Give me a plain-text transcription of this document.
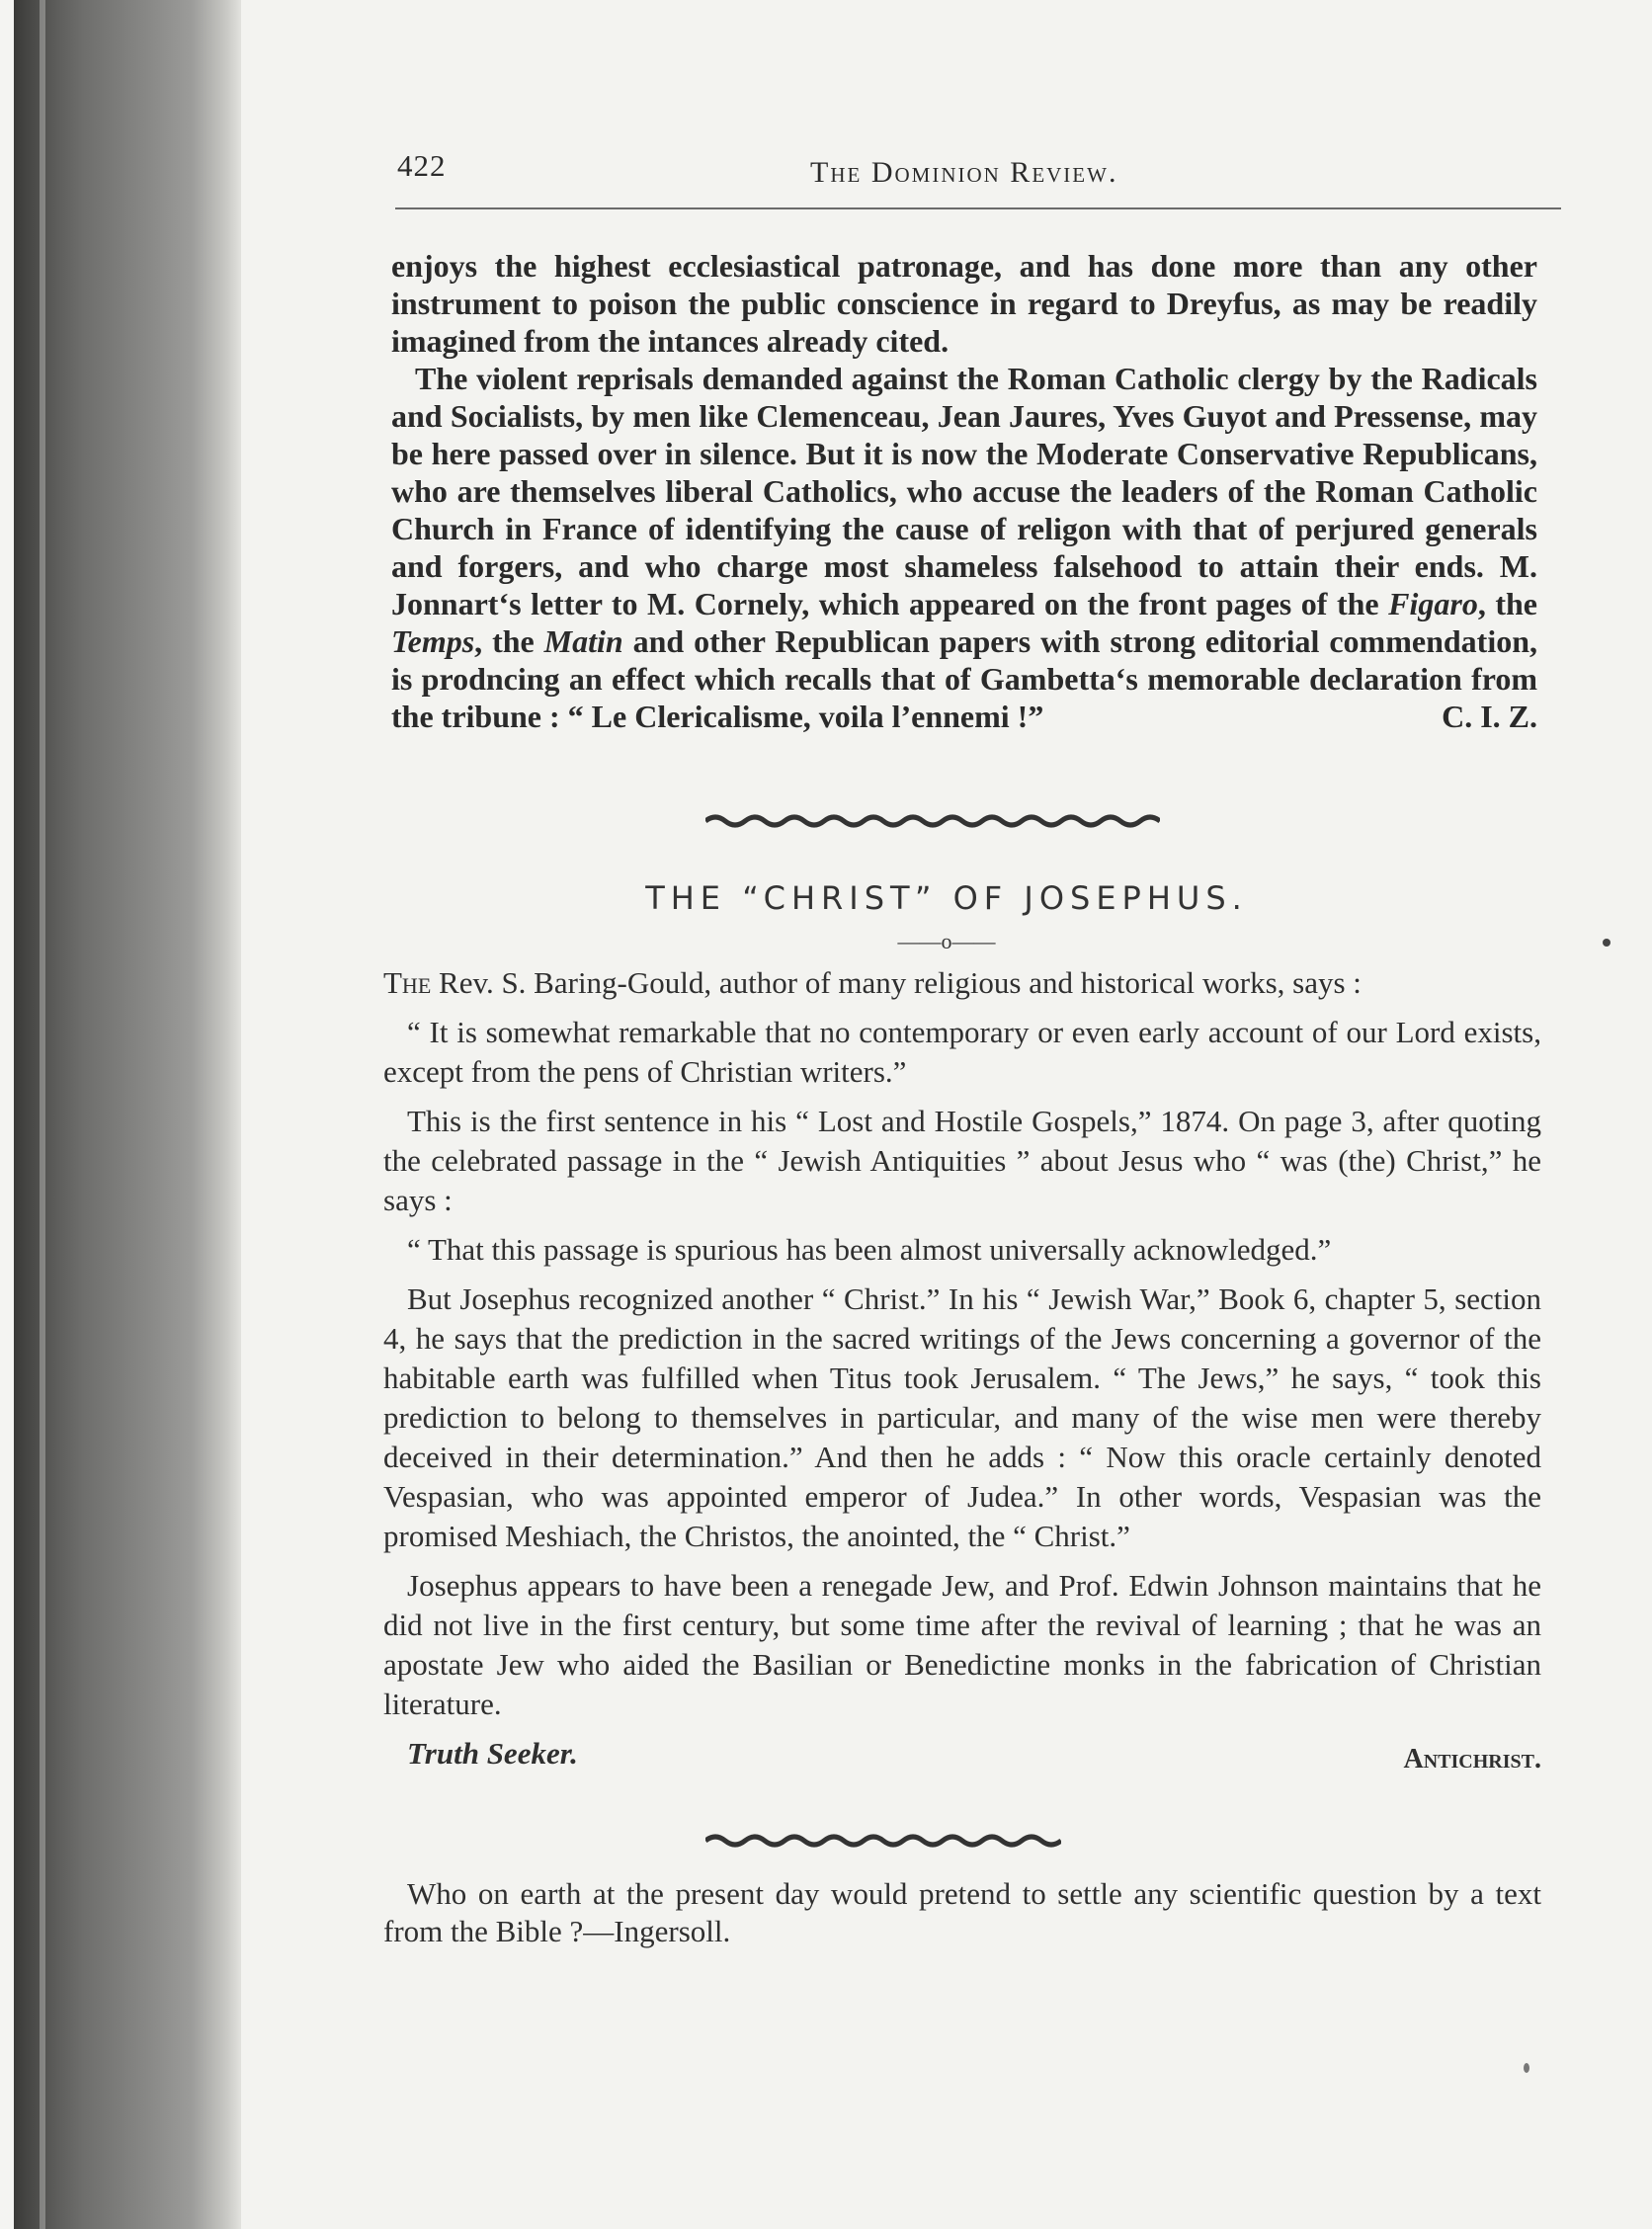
422	The Dominion Review.

enjoys the highest ecclesiastical patronage, and has done more than any other instrument to poison the public conscience in regard to Dreyfus, as may be readily imagined from the intances already cited.

The violent reprisals demanded against the Roman Catholic clergy by the Radicals and Socialists, by men like Clemenceau, Jean Jaures, Yves Guyot and Pressense, may be here passed over in silence. But it is now the Moderate Conservative Republicans, who are themselves liberal Catholics, who accuse the leaders of the Roman Catholic Church in France of identifying the cause of religon with that of perjured generals and forgers, and who charge most shameless falsehood to attain their ends. M. Jonnart‘s letter to M. Cornely, which appeared on the front pages of the Figaro, the Temps, the Matin and other Republican papers with strong editorial commendation, is prodncing an effect which recalls that of Gambetta‘s memorable declaration from the tribune : “ Le Clericalisme, voila l’ennemi !”	C. I. Z.

THE “CHRIST” OF JOSEPHUS.
——o——

The Rev. S. Baring-Gould, author of many religious and historical works, says :

“ It is somewhat remarkable that no contemporary or even early account of our Lord exists, except from the pens of Christian writers.”

This is the first sentence in his “ Lost and Hostile Gospels,” 1874. On page 3, after quoting the celebrated passage in the “ Jewish Antiquities ” about Jesus who “ was (the) Christ,” he says :

“ That this passage is spurious has been almost universally acknowledged.”

But Josephus recognized another “ Christ.” In his “ Jewish War,” Book 6, chapter 5, section 4, he says that the prediction in the sacred writings of the Jews concerning a governor of the habitable earth was fulfilled when Titus took Jerusalem. “ The Jews,” he says, “ took this prediction to belong to themselves in particular, and many of the wise men were thereby deceived in their determination.” And then he adds : “ Now this oracle certainly denoted Vespasian, who was appointed emperor of Judea.” In other words, Vespasian was the promised Meshiach, the Christos, the anointed, the “ Christ.”

Josephus appears to have been a renegade Jew, and Prof. Edwin Johnson maintains that he did not live in the first century, but some time after the revival of learning ; that he was an apostate Jew who aided the Basilian or Benedictine monks in the fabrication of Christian literature.

Truth Seeker.	Antichrist.

Who on earth at the present day would pretend to settle any scientific question by a text from the Bible ?—Ingersoll.
